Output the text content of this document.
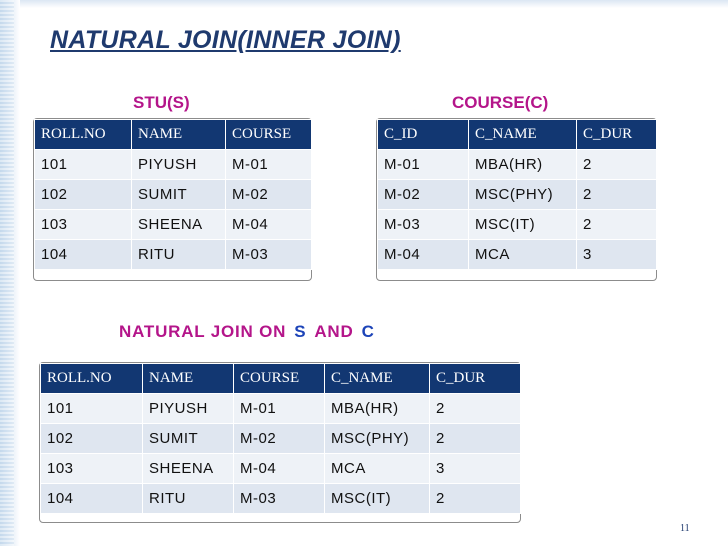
NATURAL JOIN(INNER JOIN)
STU(S)	COURSE(C)
ROLL.NO	NAME	COURSE
101	PIYUSH	M-01
102	SUMIT	M-02
103	SHEENA	M-04
104	RITU	M-03
C_ID	C_NAME	C_DUR
M-01	MBA(HR)	2
M-02	MSC(PHY)	2
M-03	MSC(IT)	2
M-04	MCA	3
NATURAL JOIN ON S AND C
ROLL.NO	NAME	COURSE	C_NAME	C_DUR
101	PIYUSH	M-01	MBA(HR)	2
102	SUMIT	M-02	MSC(PHY)	2
103	SHEENA	M-04	MCA	3
104	RITU	M-03	MSC(IT)	2
11
